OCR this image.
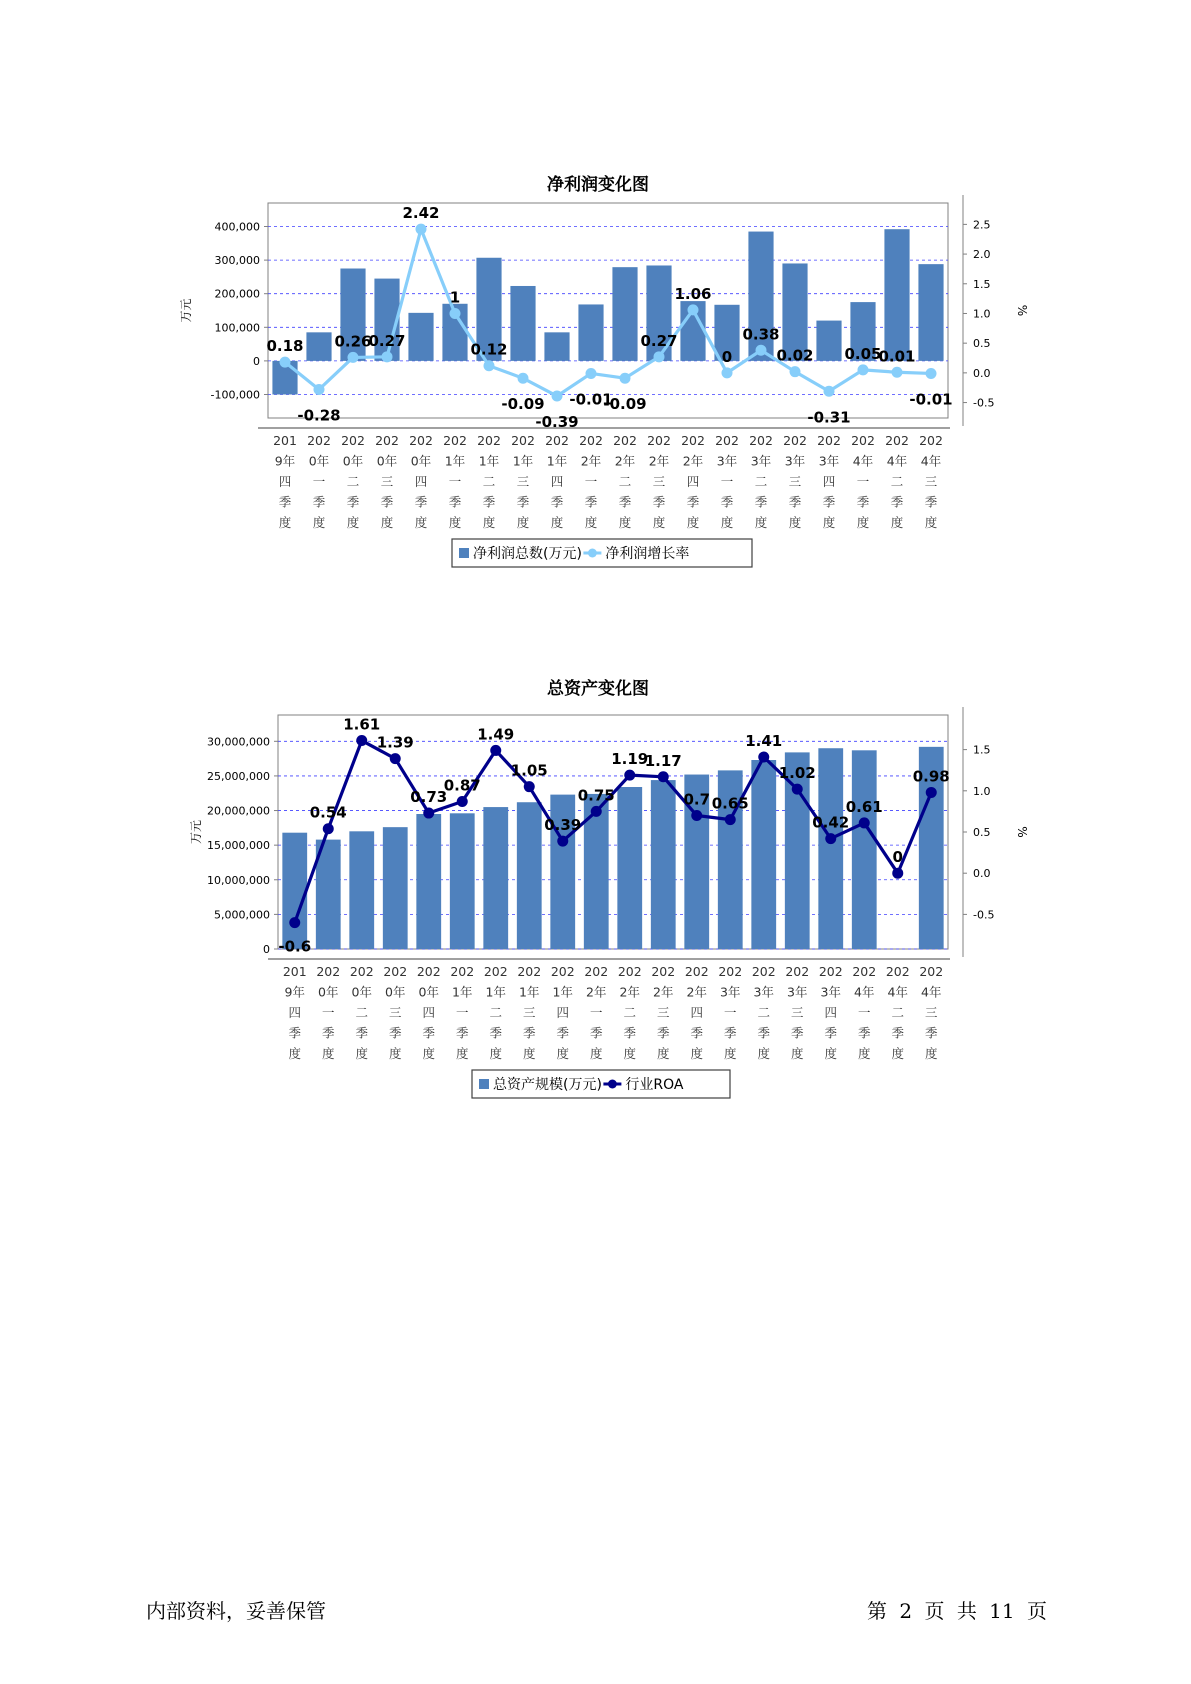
净利润变化图
400,000
300,000
200,000
100,000
0
-100,000
2.5
2.0
1.5
1.0
0.5
0.0
-0.5
万元	%
0.18
-0.28
0.26
0.27
2.42
1
0.12
-0.09
-0.39
-0.01
-0.09
0.27
1.06
0
0.38
0.02
-0.31
0.05
0.01
-0.01
201 9年四季度
202 0年一季度
202 0年二季度
202 0年三季度
202 0年四季度
202 1年一季度
202 1年二季度
202 1年三季度
202 1年四季度
202 2年一季度
202 2年二季度
202 2年三季度
202 2年四季度
202 3年一季度
202 3年二季度
202 3年三季度
202 3年四季度
202 4年一季度
202 4年二季度
202 4年三季度
净利润总数(万元) 净利润增长率
总资产变化图
30,000,000
25,000,000
20,000,000
15,000,000
10,000,000
5,000,000
0
1.5
1.0
0.5
0.0
-0.5
万元	%
-0.6
0.54
1.61
1.39
0.73
0.87
1.49
1.05
0.39
0.75
1.19
1.17
0.7 0.65
1.41
1.02
0.42
0.61
0
0.98
201 9年四季度
202 0年一季度
202 0年二季度
202 0年三季度
202 0年四季度
202 1年一季度
202 1年二季度
202 1年三季度
202 1年四季度
202 2年一季度
202 2年二季度
202 2年三季度
202 2年四季度
202 3年一季度
202 3年二季度
202 3年三季度
202 3年四季度
202 4年一季度
202 4年二季度
202 4年三季度
总资产规模(万元) 行业ROA
内部资料，妥善保管	第 2 页 共 11 页
